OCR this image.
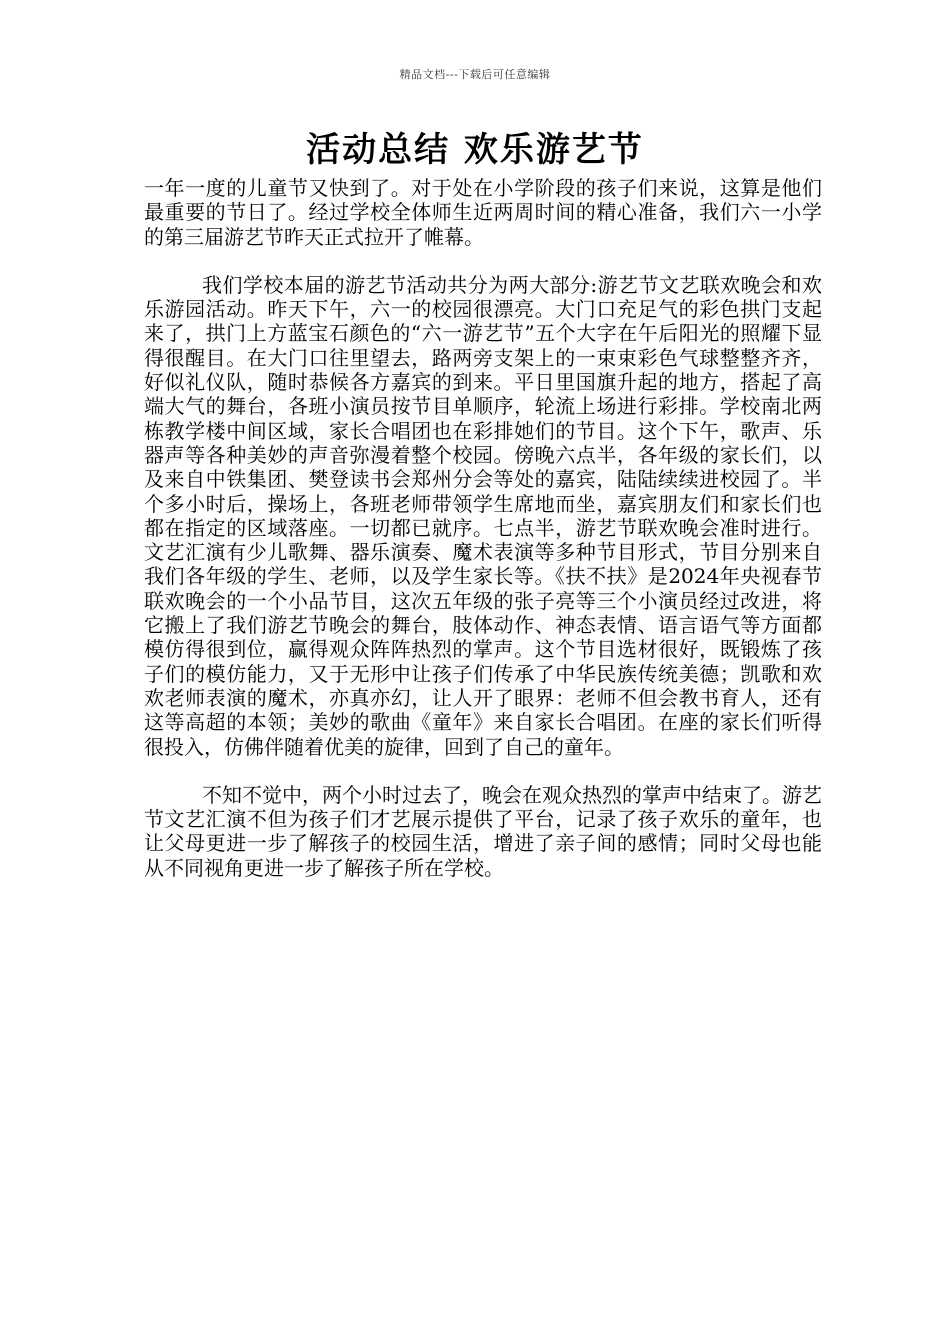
精品文档---下载后可任意编辑
活动总结 欢乐游艺节

一年一度的儿童节又快到了。对于处在小学阶段的孩子们来说，这算是他们最重要的节日了。经过学校全体师生近两周时间的精心准备，我们六一小学的第三届游艺节昨天正式拉开了帷幕。

我们学校本届的游艺节活动共分为两大部分:游艺节文艺联欢晚会和欢乐游园活动。昨天下午，六一的校园很漂亮。大门口充足气的彩色拱门支起来了，拱门上方蓝宝石颜色的“六一游艺节”五个大字在午后阳光的照耀下显得很醒目。在大门口往里望去，路两旁支架上的一束束彩色气球整整齐齐，好似礼仪队，随时恭候各方嘉宾的到来。平日里国旗升起的地方，搭起了高端大气的舞台，各班小演员按节目单顺序，轮流上场进行彩排。学校南北两栋教学楼中间区域，家长合唱团也在彩排她们的节目。这个下午，歌声、乐器声等各种美妙的声音弥漫着整个校园。傍晚六点半，各年级的家长们，以及来自中铁集团、樊登读书会郑州分会等处的嘉宾，陆陆续续进校园了。半个多小时后，操场上，各班老师带领学生席地而坐，嘉宾朋友们和家长们也都在指定的区域落座。一切都已就序。七点半，游艺节联欢晚会准时进行。文艺汇演有少儿歌舞、器乐演奏、魔术表演等多种节目形式，节目分别来自我们各年级的学生、老师，以及学生家长等。《扶不扶》是2024年央视春节联欢晚会的一个小品节目，这次五年级的张子亮等三个小演员经过改进，将它搬上了我们游艺节晚会的舞台，肢体动作、神态表情、语言语气等方面都模仿得很到位，赢得观众阵阵热烈的掌声。这个节目选材很好，既锻炼了孩子们的模仿能力，又于无形中让孩子们传承了中华民族传统美德；凯歌和欢欢老师表演的魔术，亦真亦幻，让人开了眼界：老师不但会教书育人，还有这等高超的本领；美妙的歌曲《童年》来自家长合唱团。在座的家长们听得很投入，仿佛伴随着优美的旋律，回到了自己的童年。

不知不觉中，两个小时过去了，晚会在观众热烈的掌声中结束了。游艺节文艺汇演不但为孩子们才艺展示提供了平台，记录了孩子欢乐的童年，也让父母更进一步了解孩子的校园生活，增进了亲子间的感情；同时父母也能从不同视角更进一步了解孩子所在学校。
